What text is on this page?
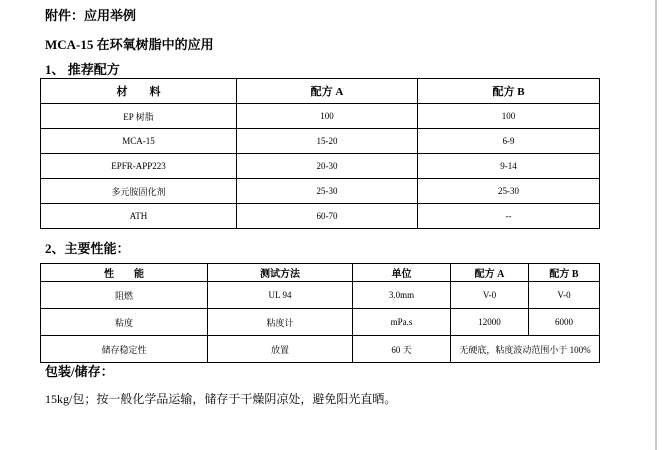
附件：应用举例
MCA-15 在环氧树脂中的应用
1、 推荐配方
材　　料	配方 A	配方 B
EP 树脂	100	100
MCA-15	15-20	6-9
EPFR-APP223	20-30	9-14
多元胺固化剂	25-30	25-30
ATH	60-70	--
2、主要性能：
性　　能	测试方法	单位	配方 A	配方 B
阻燃	UL 94	3.0mm	V-0	V-0
粘度	粘度计	mPa.s	12000	6000
储存稳定性	放置	60 天	无硬底，粘度波动范围小于 100%	
包装/储存：
15kg/包；按一般化学品运输，储存于干燥阴凉处，避免阳光直晒。
